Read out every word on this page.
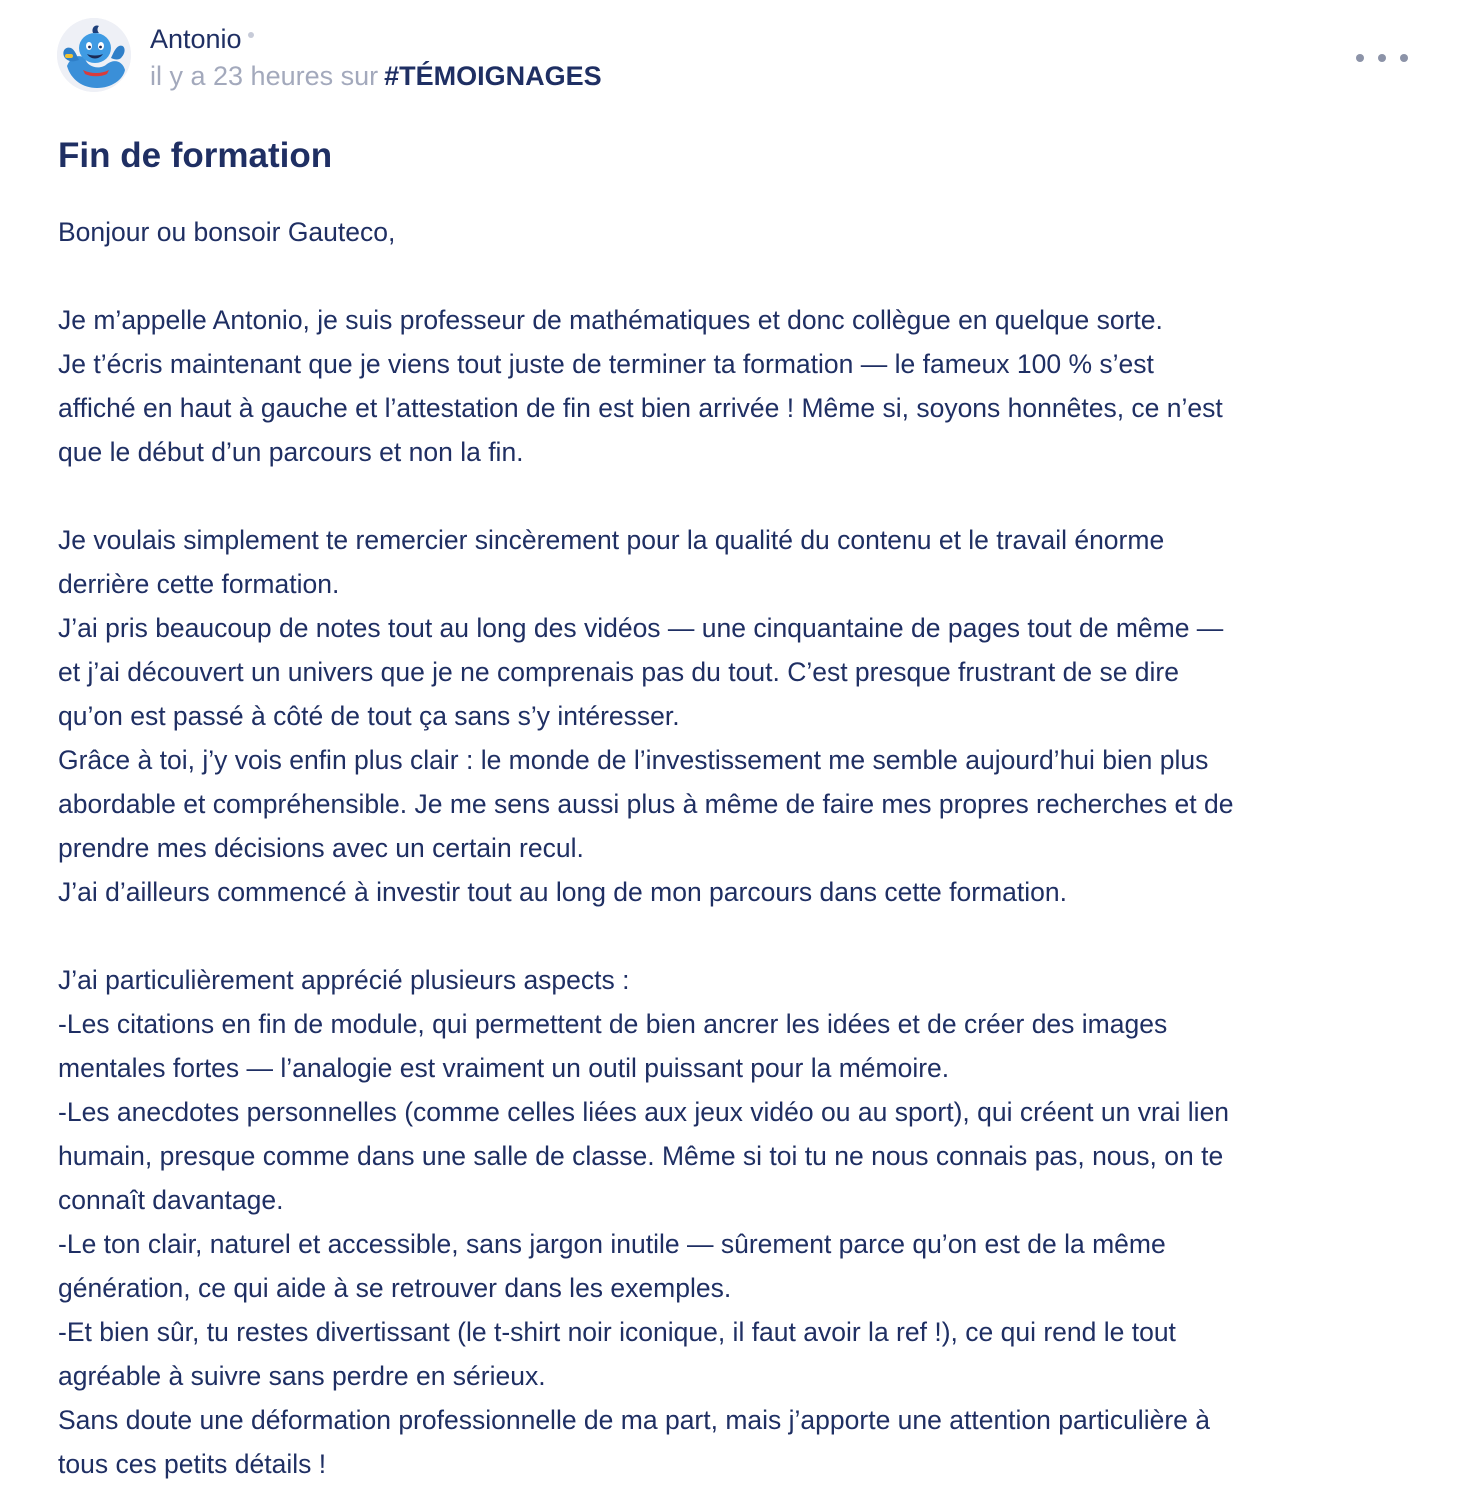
Antonio
il y a 23 heures sur #TÉMOIGNAGES
Fin de formation
Bonjour ou bonsoir Gauteco,
Je m’appelle Antonio, je suis professeur de mathématiques et donc collègue en quelque sorte.
Je t’écris maintenant que je viens tout juste de terminer ta formation — le fameux 100 % s’est
affiché en haut à gauche et l’attestation de fin est bien arrivée ! Même si, soyons honnêtes, ce n’est
que le début d’un parcours et non la fin.
Je voulais simplement te remercier sincèrement pour la qualité du contenu et le travail énorme
derrière cette formation.
J’ai pris beaucoup de notes tout au long des vidéos — une cinquantaine de pages tout de même —
et j’ai découvert un univers que je ne comprenais pas du tout. C’est presque frustrant de se dire
qu’on est passé à côté de tout ça sans s’y intéresser.
Grâce à toi, j’y vois enfin plus clair : le monde de l’investissement me semble aujourd’hui bien plus
abordable et compréhensible. Je me sens aussi plus à même de faire mes propres recherches et de
prendre mes décisions avec un certain recul.
J’ai d’ailleurs commencé à investir tout au long de mon parcours dans cette formation.
J’ai particulièrement apprécié plusieurs aspects :
-Les citations en fin de module, qui permettent de bien ancrer les idées et de créer des images
mentales fortes — l’analogie est vraiment un outil puissant pour la mémoire.
-Les anecdotes personnelles (comme celles liées aux jeux vidéo ou au sport), qui créent un vrai lien
humain, presque comme dans une salle de classe. Même si toi tu ne nous connais pas, nous, on te
connaît davantage.
-Le ton clair, naturel et accessible, sans jargon inutile — sûrement parce qu’on est de la même
génération, ce qui aide à se retrouver dans les exemples.
-Et bien sûr, tu restes divertissant (le t-shirt noir iconique, il faut avoir la ref !), ce qui rend le tout
agréable à suivre sans perdre en sérieux.
Sans doute une déformation professionnelle de ma part, mais j’apporte une attention particulière à
tous ces petits détails !
